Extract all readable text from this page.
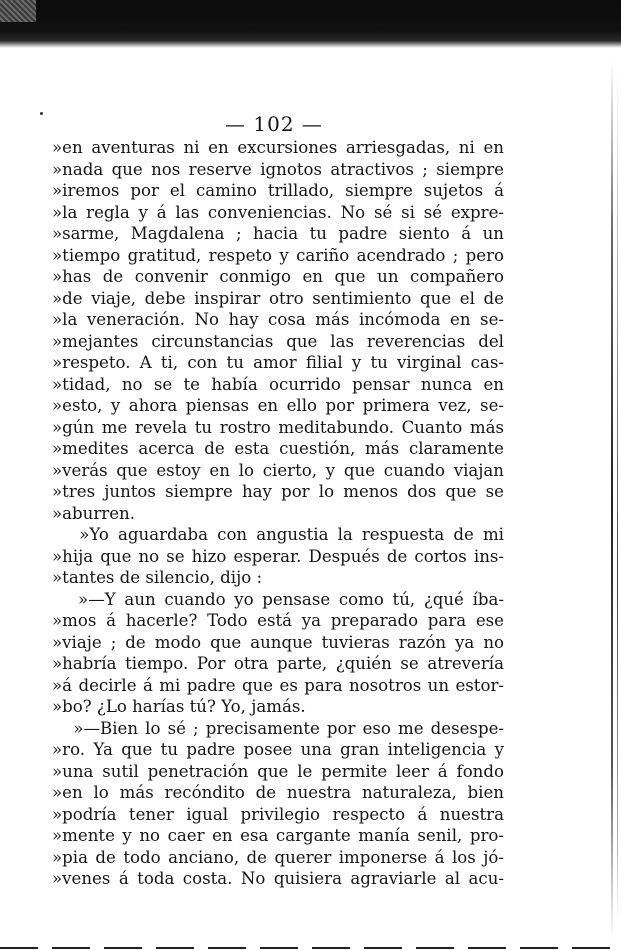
— 102 —
»en aventuras ni en excursiones arriesgadas, ni en
»nada que nos reserve ignotos atractivos ; siempre
»iremos por el camino trillado, siempre sujetos á
»la regla y á las conveniencias. No sé si sé expre-
»sarme, Magdalena ; hacia tu padre siento á un
»tiempo gratitud, respeto y cariño acendrado ; pero
»has de convenir conmigo en que un compañero
»de viaje, debe inspirar otro sentimiento que el de
»la veneración. No hay cosa más incómoda en se-
»mejantes circunstancias que las reverencias del
»respeto. A ti, con tu amor filial y tu virginal cas-
»tidad, no se te había ocurrido pensar nunca en
»esto, y ahora piensas en ello por primera vez, se-
»gún me revela tu rostro meditabundo. Cuanto más
»medites acerca de esta cuestión, más claramente
»verás que estoy en lo cierto, y que cuando viajan
»tres juntos siempre hay por lo menos dos que se
»aburren.
»Yo aguardaba con angustia la respuesta de mi
»hija que no se hizo esperar. Después de cortos ins-
»tantes de silencio, dijo :
»—Y aun cuando yo pensase como tú, ¿qué íba-
»mos á hacerle? Todo está ya preparado para ese
»viaje ; de modo que aunque tuvieras razón ya no
»habría tiempo. Por otra parte, ¿quién se atrevería
»á decirle á mi padre que es para nosotros un estor-
»bo? ¿Lo harías tú? Yo, jamás.
»—Bien lo sé ; precisamente por eso me desespe-
»ro. Ya que tu padre posee una gran inteligencia y
»una sutil penetración que le permite leer á fondo
»en lo más recóndito de nuestra naturaleza, bien
»podría tener igual privilegio respecto á nuestra
»mente y no caer en esa cargante manía senil, pro-
»pia de todo anciano, de querer imponerse á los jó-
»venes á toda costa. No quisiera agraviarle al acu-
